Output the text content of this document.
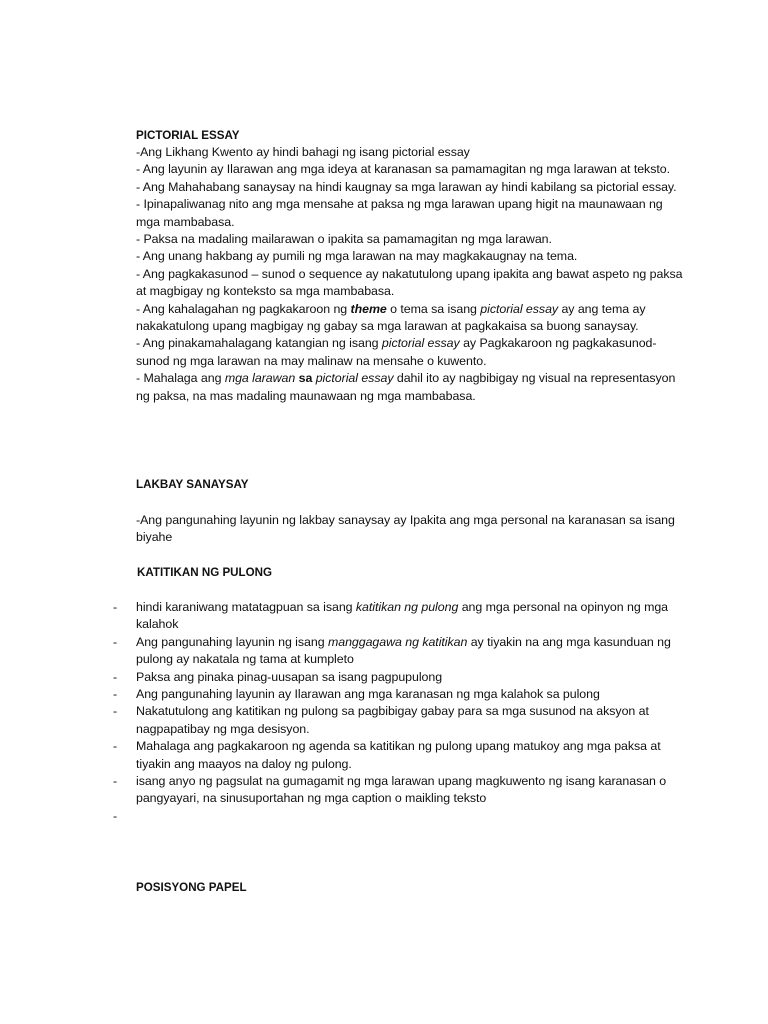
PICTORIAL ESSAY

-Ang Likhang Kwento ay hindi bahagi ng isang pictorial essay

- Ang layunin ay Ilarawan ang mga ideya at karanasan sa pamamagitan ng mga larawan at teksto.

- Ang Mahahabang sanaysay na hindi kaugnay sa mga larawan ay hindi kabilang sa pictorial essay.

- Ipinapaliwanag nito ang mga mensahe at paksa ng mga larawan upang higit na maunawaan ng mga mambabasa.

- Paksa na madaling mailarawan o ipakita sa pamamagitan ng mga larawan.

- Ang unang hakbang ay pumili ng mga larawan na may magkakaugnay na tema.

- Ang pagkakasunod – sunod o sequence ay nakatutulong upang ipakita ang bawat aspeto ng paksa at magbigay ng konteksto sa mga mambabasa.

- Ang kahalagahan ng pagkakaroon ng theme o tema sa isang pictorial essay ay ang tema ay nakakatulong upang magbigay ng gabay sa mga larawan at pagkakaisa sa buong sanaysay.

- Ang pinakamahalagang katangian ng isang pictorial essay ay Pagkakaroon ng pagkakasunod-sunod ng mga larawan na may malinaw na mensahe o kuwento.

- Mahalaga ang mga larawan sa pictorial essay dahil ito ay nagbibigay ng visual na representasyon ng paksa, na mas madaling maunawaan ng mga mambabasa.

LAKBAY SANAYSAY
-Ang pangunahing layunin ng lakbay sanaysay ay Ipakita ang mga personal na karanasan sa isang biyahe
KATITIKAN NG PULONG
- hindi karaniwang matatagpuan sa isang katitikan ng pulong ang mga personal na opinyon ng mga kalahok
- Ang pangunahing layunin ng isang manggagawa ng katitikan ay tiyakin na ang mga kasunduan ng pulong ay nakatala ng tama at kumpleto
- Paksa ang pinaka pinag-uusapan sa isang pagpupulong
- Ang pangunahing layunin ay Ilarawan ang mga karanasan ng mga kalahok sa pulong
- Nakatutulong ang katitikan ng pulong sa pagbibigay gabay para sa mga susunod na aksyon at nagpapatibay ng mga desisyon.
- Mahalaga ang pagkakaroon ng agenda sa katitikan ng pulong upang matukoy ang mga paksa at tiyakin ang maayos na daloy ng pulong.
- isang anyo ng pagsulat na gumagamit ng mga larawan upang magkuwento ng isang karanasan o pangyayari, na sinusuportahan ng mga caption o maikling teksto
-

POSISYONG PAPEL
